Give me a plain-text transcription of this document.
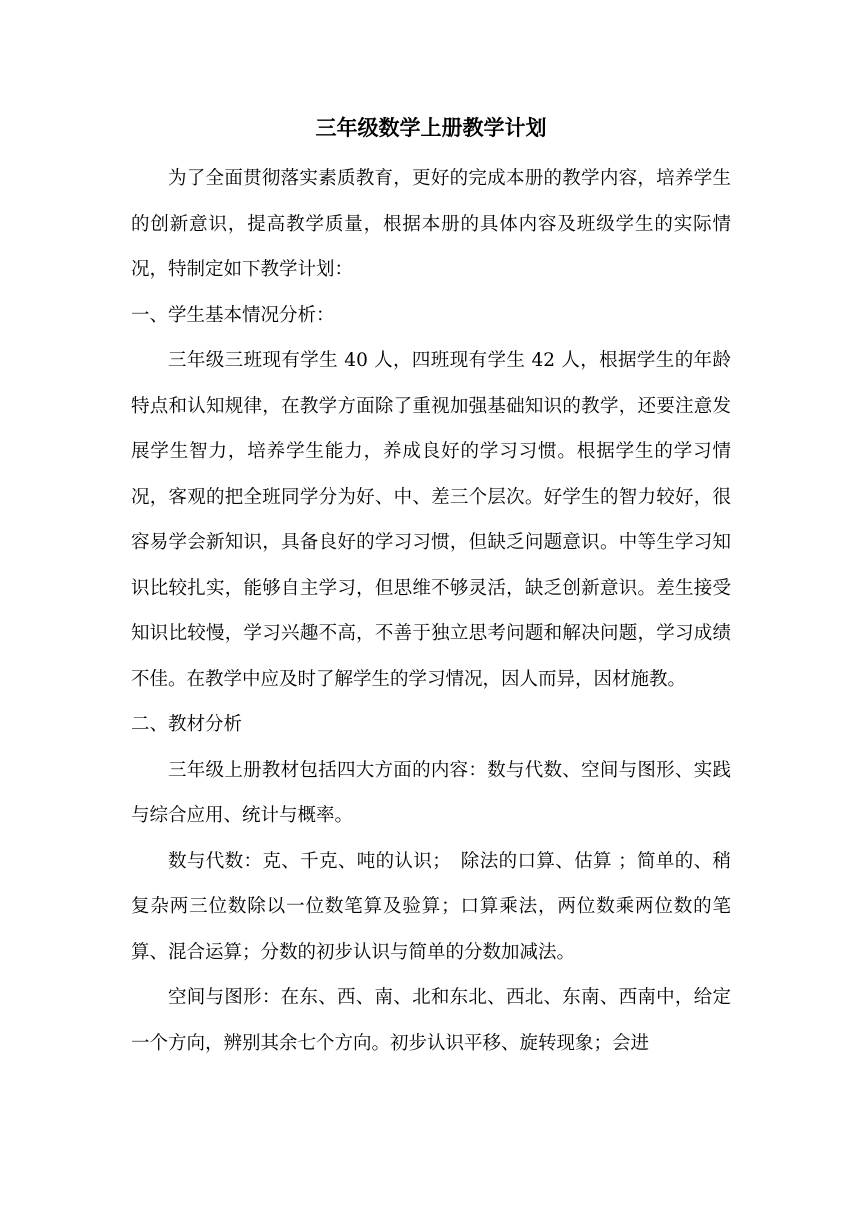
三年级数学上册教学计划

为了全面贯彻落实素质教育，更好的完成本册的教学内容，培养学生的创新意识，提高教学质量，根据本册的具体内容及班级学生的实际情况，特制定如下教学计划：

一、学生基本情况分析：

三年级三班现有学生 40 人，四班现有学生 42 人，根据学生的年龄特点和认知规律，在教学方面除了重视加强基础知识的教学，还要注意发展学生智力，培养学生能力，养成良好的学习习惯。根据学生的学习情况，客观的把全班同学分为好、中、差三个层次。好学生的智力较好，很容易学会新知识，具备良好的学习习惯，但缺乏问题意识。中等生学习知识比较扎实，能够自主学习，但思维不够灵活，缺乏创新意识。差生接受知识比较慢，学习兴趣不高，不善于独立思考问题和解决问题，学习成绩不佳。在教学中应及时了解学生的学习情况，因人而异，因材施教。

二、教材分析

三年级上册教材包括四大方面的内容：数与代数、空间与图形、实践与综合应用、统计与概率。

数与代数：克、千克、吨的认识；　除法的口算、估算 ；简单的、稍复杂两三位数除以一位数笔算及验算；口算乘法，两位数乘两位数的笔算、混合运算；分数的初步认识与简单的分数加减法。

空间与图形：在东、西、南、北和东北、西北、东南、西南中，给定一个方向，辨别其余七个方向。初步认识平移、旋转现象；会进
